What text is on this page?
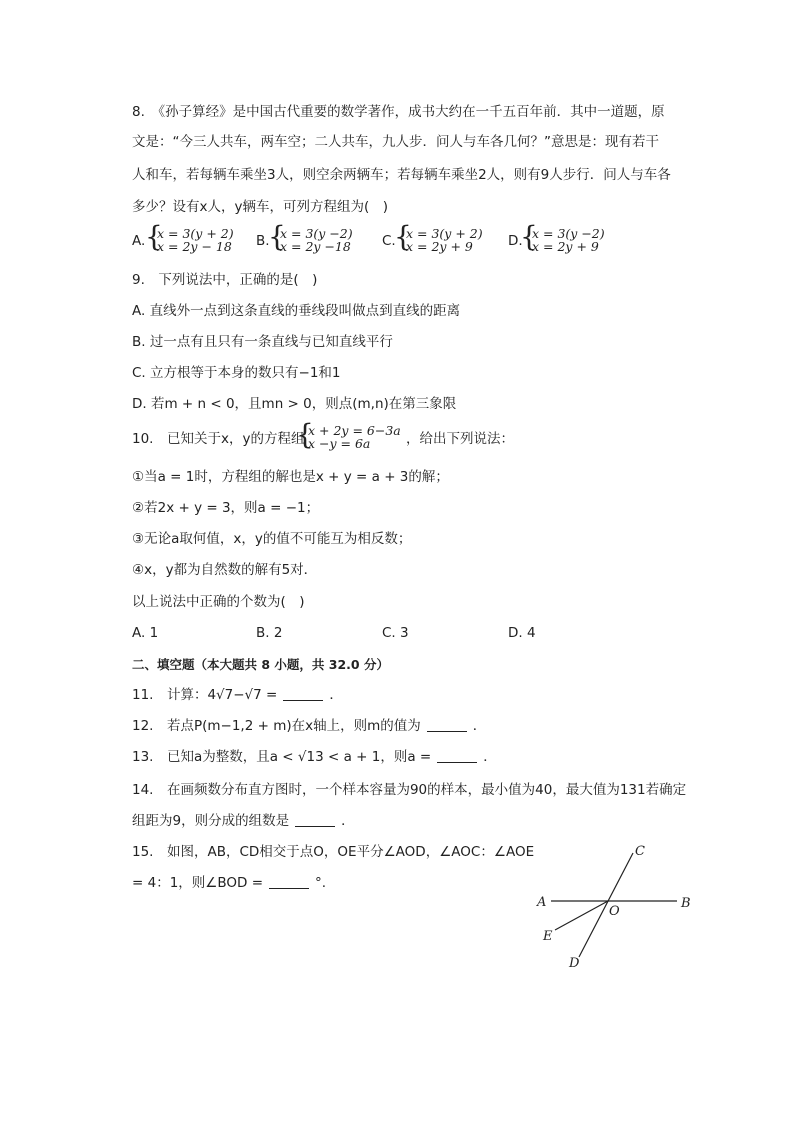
8.　《孙子算经》是中国古代重要的数学著作，成书大约在一千五百年前．其中一道题，原
文是：“今三人共车，两车空；二人共车，九人步．问人与车各几何？”意思是：现有若干
人和车，若每辆车乘坐3人，则空余两辆车；若每辆车乘坐2人，则有9人步行．问人与车各
多少？设有x人，y辆车，可列方程组为(　)
A. {
x = 3(y + 2)
x = 2y − 18 B.
{
x = 3(y −2)
x = 2y −18 C.
{
x = 3(y + 2)
x = 2y + 9	D.
{
x = 3(y −2)
x = 2y + 9
9.　下列说法中，正确的是(　)
A. 直线外一点到这条直线的垂线段叫做点到直线的距离
B. 过一点有且只有一条直线与已知直线平行
C. 立方根等于本身的数只有−1和1
D. 若m + n < 0，且mn > 0，则点(m,n)在第三象限
10.　已知关于x，y的方程组
{
x + 2y = 6−3a
x −y = 6a	，给出下列说法：
①当a = 1时，方程组的解也是x + y = a + 3的解；
②若2x + y = 3，则a = −1；
③无论a取何值，x，y的值不可能互为相反数；
④x，y都为自然数的解有5对．
以上说法中正确的个数为(　)
A. 1	B. 2	C. 3	D. 4
二、填空题（本大题共 8 小题，共 32.0 分）
11.　计算：4√7−√7 =	．
12.　若点P(m−1,2 + m)在x轴上，则m的值为	．
13.　已知a为整数，且a < √13 < a + 1，则a =	．
14.　在画频数分布直方图时，一个样本容量为90的样本，最小值为40，最大值为131若确定
组距为9，则分成的组数是	．
15.　如图，AB，CD相交于点O，OE平分∠AOD，∠AOC：∠AOE
= 4：1，则∠BOD =	°.
C
A	B
O
E
D
